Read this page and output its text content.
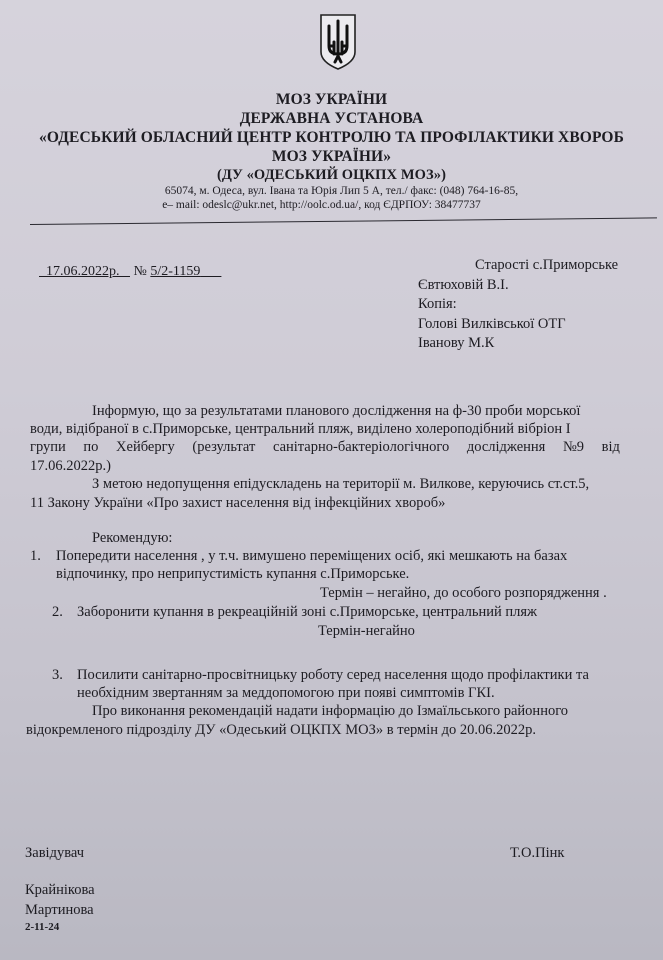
МОЗ УКРАЇНИ
ДЕРЖАВНА УСТАНОВА
«ОДЕСЬКИЙ ОБЛАСНИЙ ЦЕНТР КОНТРОЛЮ ТА ПРОФІЛАКТИКИ ХВОРОБ
МОЗ УКРАЇНИ»
(ДУ «ОДЕСЬКИЙ ОЦКПХ МОЗ»)
65074, м. Одеса, вул. Івана та Юрія Лип 5 А, тел./ факс: (048) 764-16-85,
e– mail: odeslc@ukr.net, http://oolc.od.ua/, код ЄДРПОУ: 38477737
17.06.2022р. № 5/2-1159	Старості с.Приморське
Євтюховій В.І.
Копія:
Голові Вилківської ОТГ
Іванову М.К
Інформую, що за результатами планового дослідження на ф-30 проби морської
води, відібраної в с.Приморське, центральний пляж, виділено холероподібний вібріон І
групи по Хейбергу (результат санітарно-бактеріологічного дослідження №9 від
17.06.2022р.)
З метою недопущення епідускладень на території м. Вилкове, керуючись ст.ст.5,
11 Закону України «Про захист населення від інфекційних хвороб»
Рекомендую:
1. Попередити населення , у т.ч. вимушено переміщених осіб, які мешкають на базах
відпочинку, про неприпустимість купання с.Приморське.
Термін – негайно, до особого розпорядження .
2. Заборонити купання в рекреаційній зоні с.Приморське, центральний пляж
Термін-негайно
3. Посилити санітарно-просвітницьку роботу серед населення щодо профілактики та
необхідним звертанням за меддопомогою при появі симптомів ГКІ.
Про виконання рекомендацій надати інформацію до Ізмаїльського районного
відокремленого підрозділу ДУ «Одеський ОЦКПХ МОЗ» в термін до 20.06.2022р.
Завідувач	Т.О.Пінк
Крайнікова
Мартинова
2-11-24
